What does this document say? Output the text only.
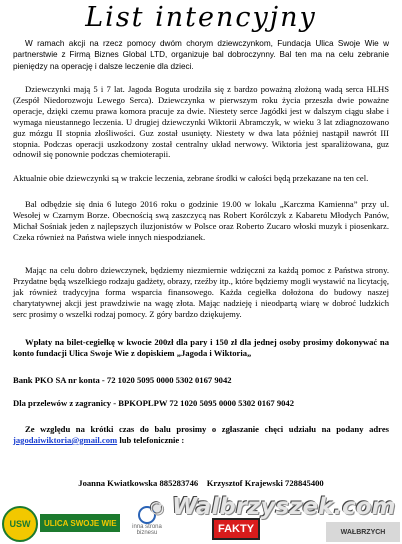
List intencyjny

W ramach akcji na rzecz pomocy dwóm chorym dziewczynkom, Fundacja Ulica Swoje Wie w partnerstwie z Firmą Biznes Global LTD, organizuje bal dobroczynny. Bal ten ma na celu zebranie pieniędzy na operację i dalsze leczenie dla dzieci.

Dziewczynki mają 5 i 7 lat. Jagoda Boguta urodziła się z bardzo poważną złożoną wadą serca HLHS (Zespół Niedorozwoju Lewego Serca). Dziewczynka w pierwszym roku życia przeszła dwie poważne operacje, dzięki czemu prawa komora pracuje za dwie. Niestety serce Jagódki jest w dalszym ciągu słabe i wymaga nieustannego leczenia. U drugiej dziewczynki Wiktorii Abramczyk, w wieku 3 lat zdiagnozowano guz mózgu II stopnia złośliwości. Guz został usunięty. Niestety w dwa lata później nastąpił nawrót III stopnia. Podczas operacji uszkodzony został centralny układ nerwowy. Wiktoria jest sparaliżowana, guz odnowił się ponownie podczas chemioterapii.

Aktualnie obie dziewczynki są w trakcie leczenia, zebrane środki w całości będą przekazane na ten cel.

Bal odbędzie się dnia 6 lutego 2016 roku o godzinie 19.00 w lokalu „Karczma Kamienna” przy ul. Wesołej w Czarnym Borze. Obecnością swą zaszczycą nas Robert Korólczyk z Kabaretu Młodych Panów, Michał Sośniak jeden z najlepszych iluzjonistów w Polsce oraz Roberto Zucaro włoski muzyk i piosenkarz. Czeka również na Państwa wiele innych niespodzianek.

Mając na celu dobro dziewczynek, będziemy niezmiernie wdzięczni za każdą pomoc z Państwa strony. Przydatne będą wszelkiego rodzaju gadżety, obrazy, rzeźby itp., które będziemy mogli wystawić na licytację, jak również tradycyjna forma wsparcia finansowego. Każda cegiełka dołożona do budowy naszej charytatywnej akcji jest prawdziwie na wagę złota. Mając nadzieję i nieodpartą wiarę w dobroć ludzkich serc prosimy o wszelki rodzaj pomocy. Z góry bardzo dziękujemy.

Wpłaty na bilet-cegiełkę w kwocie 200zł dla pary i 150 zł dla jednej osoby prosimy dokonywać na konto fundacji Ulica Swoje Wie z dopiskiem „Jagoda i Wiktoria„

Bank PKO SA nr konta - 72 1020 5095 0000 5302 0167 9042

Dla przelewów z zagranicy - BPKOPLPW 72 1020 5095 0000 5302 0167 9042

Ze względu na krótki czas do balu prosimy o zgłaszanie chęci udziału na podany adres jagodaiwiktoria@gmail.com lub telefonicznie :

Joanna Kwiatkowska 885283746 Krzysztof Krajewski 728845400
USW	ULICA SWOJE WIE	inna strona biznesu	FAKTY
◉ Walbrzyszek.com
WAŁBRZYCH
